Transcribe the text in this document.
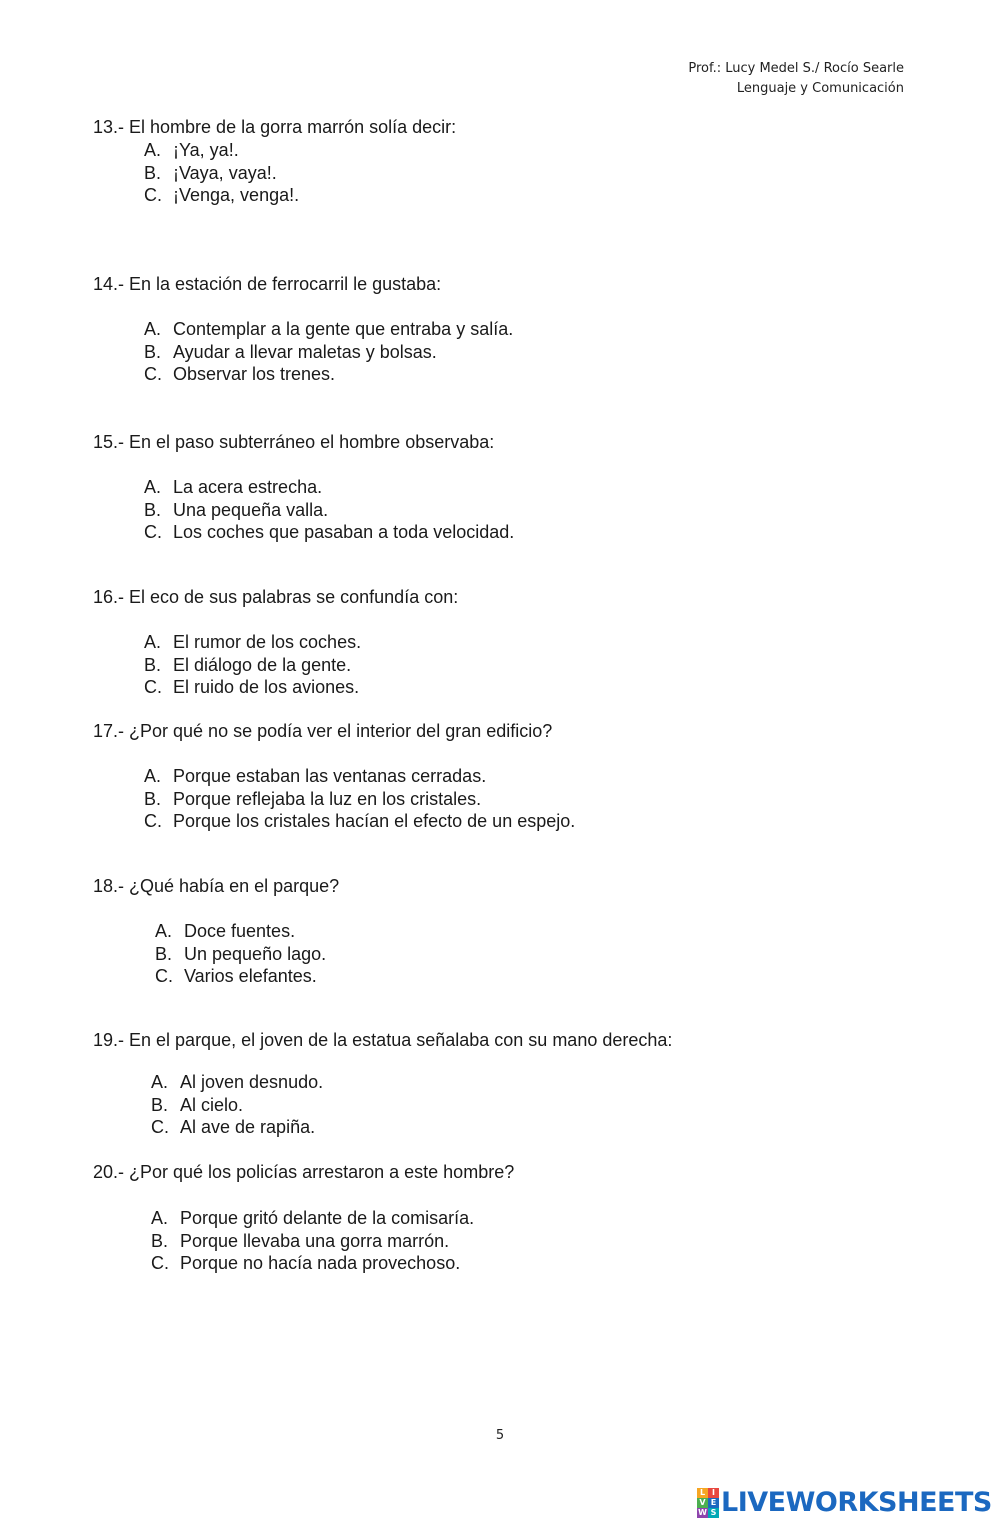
Prof.: Lucy Medel S./ Rocío Searle
Lenguaje y Comunicación

13.- El hombre de la gorra marrón solía decir:

A. ¡Ya, ya!.
B. ¡Vaya, vaya!.
C. ¡Venga, venga!.

14.- En la estación de ferrocarril le gustaba:

A. Contemplar a la gente que entraba y salía.
B. Ayudar a llevar maletas y bolsas.
C. Observar los trenes.

15.- En el paso subterráneo el hombre observaba:

A. La acera estrecha.
B. Una pequeña valla.
C. Los coches que pasaban a toda velocidad.

16.- El eco de sus palabras se confundía con:

A. El rumor de los coches.
B. El diálogo de la gente.
C. El ruido de los aviones.

17.- ¿Por qué no se podía ver el interior del gran edificio?

A. Porque estaban las ventanas cerradas.
B. Porque reflejaba la luz en los cristales.
C. Porque los cristales hacían el efecto de un espejo.

18.- ¿Qué había en el parque?

A. Doce fuentes.
B. Un pequeño lago.
C. Varios elefantes.

19.- En el parque, el joven de la estatua señalaba con su mano derecha:

A. Al joven desnudo.
B. Al cielo.
C. Al ave de rapiña.

20.- ¿Por qué los policías arrestaron a este hombre?

A. Porque gritó delante de la comisaría.
B. Porque llevaba una gorra marrón.
C. Porque no hacía nada provechoso.
5
L I
V E
W S LIVEWORKSHEETS
